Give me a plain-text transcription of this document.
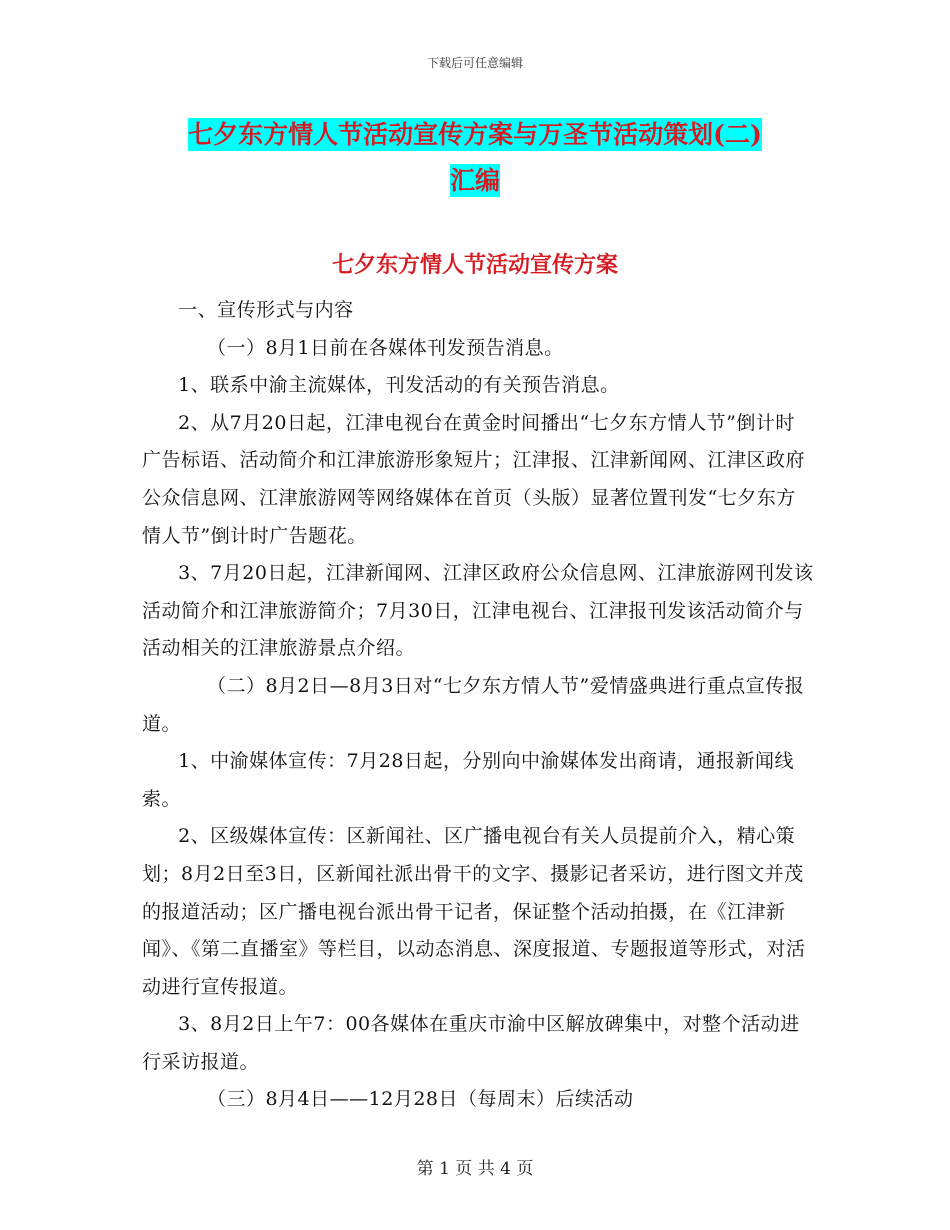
下载后可任意编辑
七夕东方情人节活动宣传方案与万圣节活动策划(二)
汇编
七夕东方情人节活动宣传方案

一、宣传形式与内容

（一）8月1日前在各媒体刊发预告消息。

1、联系中渝主流媒体，刊发活动的有关预告消息。

2、从7月20日起，江津电视台在黄金时间播出“七夕东方情人节”倒计时广告标语、活动简介和江津旅游形象短片；江津报、江津新闻网、江津区政府公众信息网、江津旅游网等网络媒体在首页（头版）显著位置刊发“七夕东方情人节”倒计时广告题花。

3、7月20日起，江津新闻网、江津区政府公众信息网、江津旅游网刊发该活动简介和江津旅游简介；7月30日，江津电视台、江津报刊发该活动简介与活动相关的江津旅游景点介绍。

（二）8月2日—8月3日对“七夕东方情人节”爱情盛典进行重点宣传报道。

1、中渝媒体宣传：7月28日起，分别向中渝媒体发出商请，通报新闻线索。

2、区级媒体宣传：区新闻社、区广播电视台有关人员提前介入，精心策划；8月2日至3日，区新闻社派出骨干的文字、摄影记者采访，进行图文并茂的报道活动；区广播电视台派出骨干记者，保证整个活动拍摄，在《江津新闻》、《第二直播室》等栏目，以动态消息、深度报道、专题报道等形式，对活动进行宣传报道。

3、8月2日上午7：00各媒体在重庆市渝中区解放碑集中，对整个活动进行采访报道。

（三）8月4日——12月28日（每周末）后续活动

第 1 页 共 4 页
